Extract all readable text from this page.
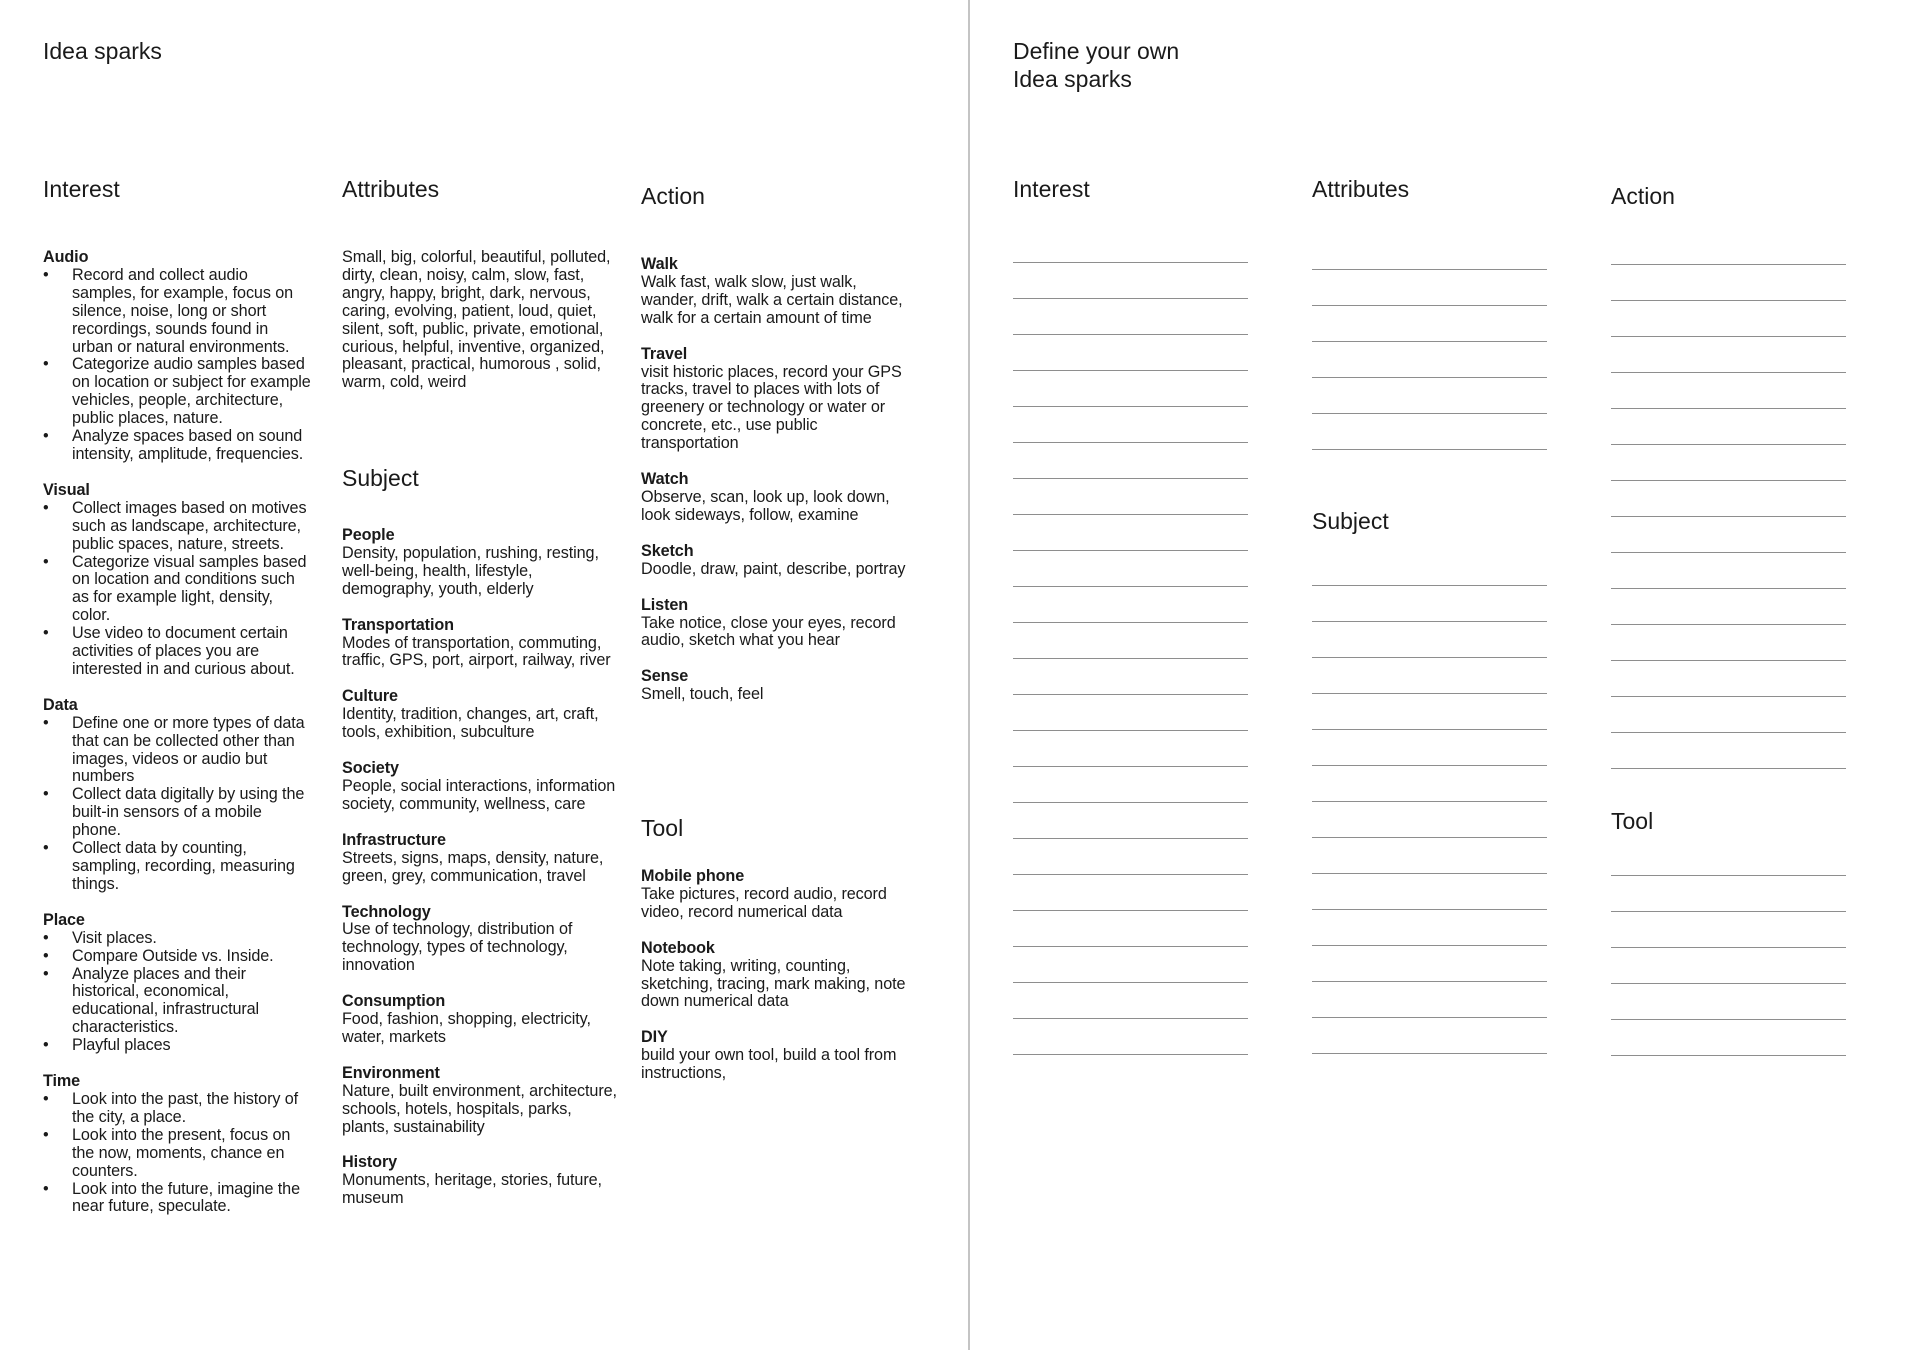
Idea sparks
Interest
Audio
• Record and collect audio samples, for example, focus on silence, noise, long or short recordings, sounds found in urban or natural environments.
• Categorize audio samples based on location or subject for example vehicles, people, architecture, public places, nature.
• Analyze spaces based on sound intensity, amplitude, frequencies.
Visual
• Collect images based on motives such as landscape, architecture, public spaces, nature, streets.
• Categorize visual samples based on location and conditions such as for example light, density, color.
• Use video to document certain activities of places you are interested in and curious about.
Data
• Define one or more types of data that can be collected other than images, videos or audio but numbers
• Collect data digitally by using the built-in sensors of a mobile phone.
• Collect data by counting, sampling, recording, measuring things.
Place
• Visit places.
• Compare Outside vs. Inside.
• Analyze places and their historical, economical, educational, infrastructural characteristics.
• Playful places
Time
• Look into the past, the history of the city, a place.
• Look into the present, focus on the now, moments, chance en counters.
• Look into the future, imagine the near future, speculate.
Attributes
Small, big, colorful, beautiful, polluted, dirty, clean, noisy, calm, slow, fast, angry, happy, bright, dark, nervous, caring, evolving, patient, loud, quiet, silent, soft, public, private, emotional, curious, helpful, inventive, organized, pleasant, practical, humorous , solid, warm, cold, weird
Subject
People

Density, population, rushing, resting, well-being, health, lifestyle, demography, youth, elderly

Transportation

Modes of transportation, commuting, traffic, GPS, port, airport, railway, river

Culture

Identity, tradition, changes, art, craft, tools, exhibition, subculture

Society

People, social interactions, information society, community, wellness, care

Infrastructure

Streets, signs, maps, density, nature, green, grey, communication, travel

Technology

Use of technology, distribution of technology, types of technology, innovation

Consumption

Food, fashion, shopping, electricity, water, markets

Environment

Nature, built environment, architecture, schools, hotels, hospitals, parks, plants, sustainability

History

Monuments, heritage, stories, future, museum

Action
Walk

Walk fast, walk slow, just walk, wander, drift, walk a certain distance, walk for a certain amount of time

Travel

visit historic places, record your GPS tracks, travel to places with lots of greenery or technology or water or concrete, etc., use public transportation

Watch

Observe, scan, look up, look down, look sideways, follow, examine

Sketch

Doodle, draw, paint, describe, portray

Listen

Take notice, close your eyes, record audio, sketch what you hear

Sense

Smell, touch, feel

Tool
Mobile phone

Take pictures, record audio, record video, record numerical data

Notebook

Note taking, writing, counting, sketching, tracing, mark making, note down numerical data

DIY

build your own tool, build a tool from instructions,

Define your own
Idea sparks
Interest	Attributes
Subject
Action
Tool
